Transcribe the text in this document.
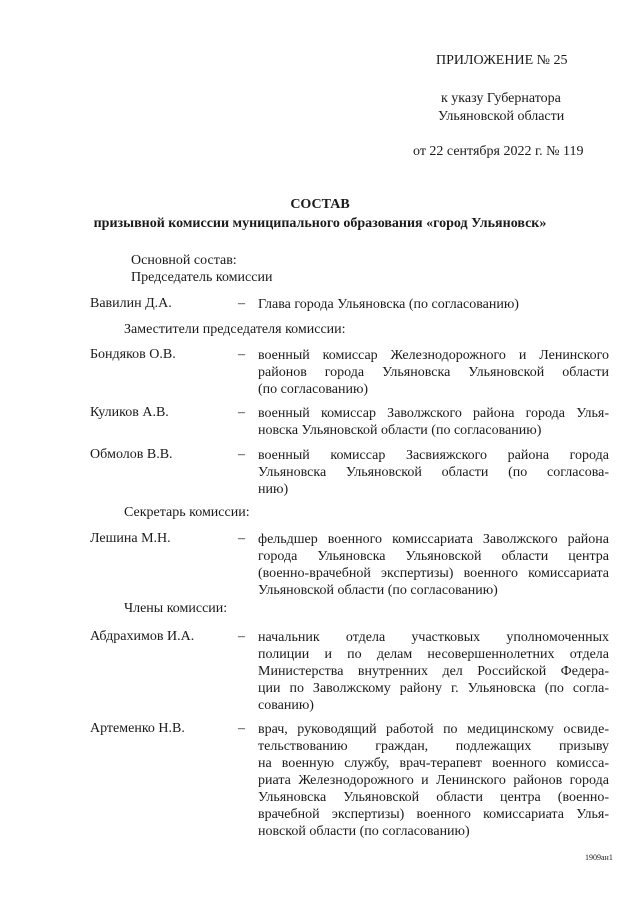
ПРИЛОЖЕНИЕ № 25
к указу Губернатора
Ульяновской области
от 22 сентября 2022 г. № 119
СОСТАВ
призывной комиссии муниципального образования «город Ульяновск»
Основной состав:
Председатель комиссии
Вавилин Д.А.	– Глава города Ульяновска (по согласованию)
Заместители председателя комиссии:
Бондяков О.В.	– военный комиссар Железнодорожного и Ленинского
районов города Ульяновска Ульяновской области
(по согласованию)
Куликов А.В.	– военный комиссар Заволжского района города Улья-
новска Ульяновской области (по согласованию)
Обмолов В.В.	– военный комиссар Засвияжского района города
Ульяновска Ульяновской области (по согласова-
нию)
Секретарь комиссии:
Лешина М.Н.	– фельдшер военного комиссариата Заволжского района
города Ульяновска Ульяновской области центра
(военно-врачебной экспертизы) военного комиссариата
Ульяновской области (по согласованию)
Члены комиссии:
Абдрахимов И.А.	– начальник отдела участковых уполномоченных
полиции и по делам несовершеннолетних отдела
Министерства внутренних дел Российской Федера-
ции по Заволжскому району г. Ульяновска (по согла-
сованию)
Артеменко Н.В.	– врач, руководящий работой по медицинскому освиде-
тельствованию граждан, подлежащих призыву
на военную службу, врач-терапевт военного комисса-
риата Железнодорожного и Ленинского районов города
Ульяновска Ульяновской области центра (военно-
врачебной экспертизы) военного комиссариата Улья-
новской области (по согласованию)
1909ан1
